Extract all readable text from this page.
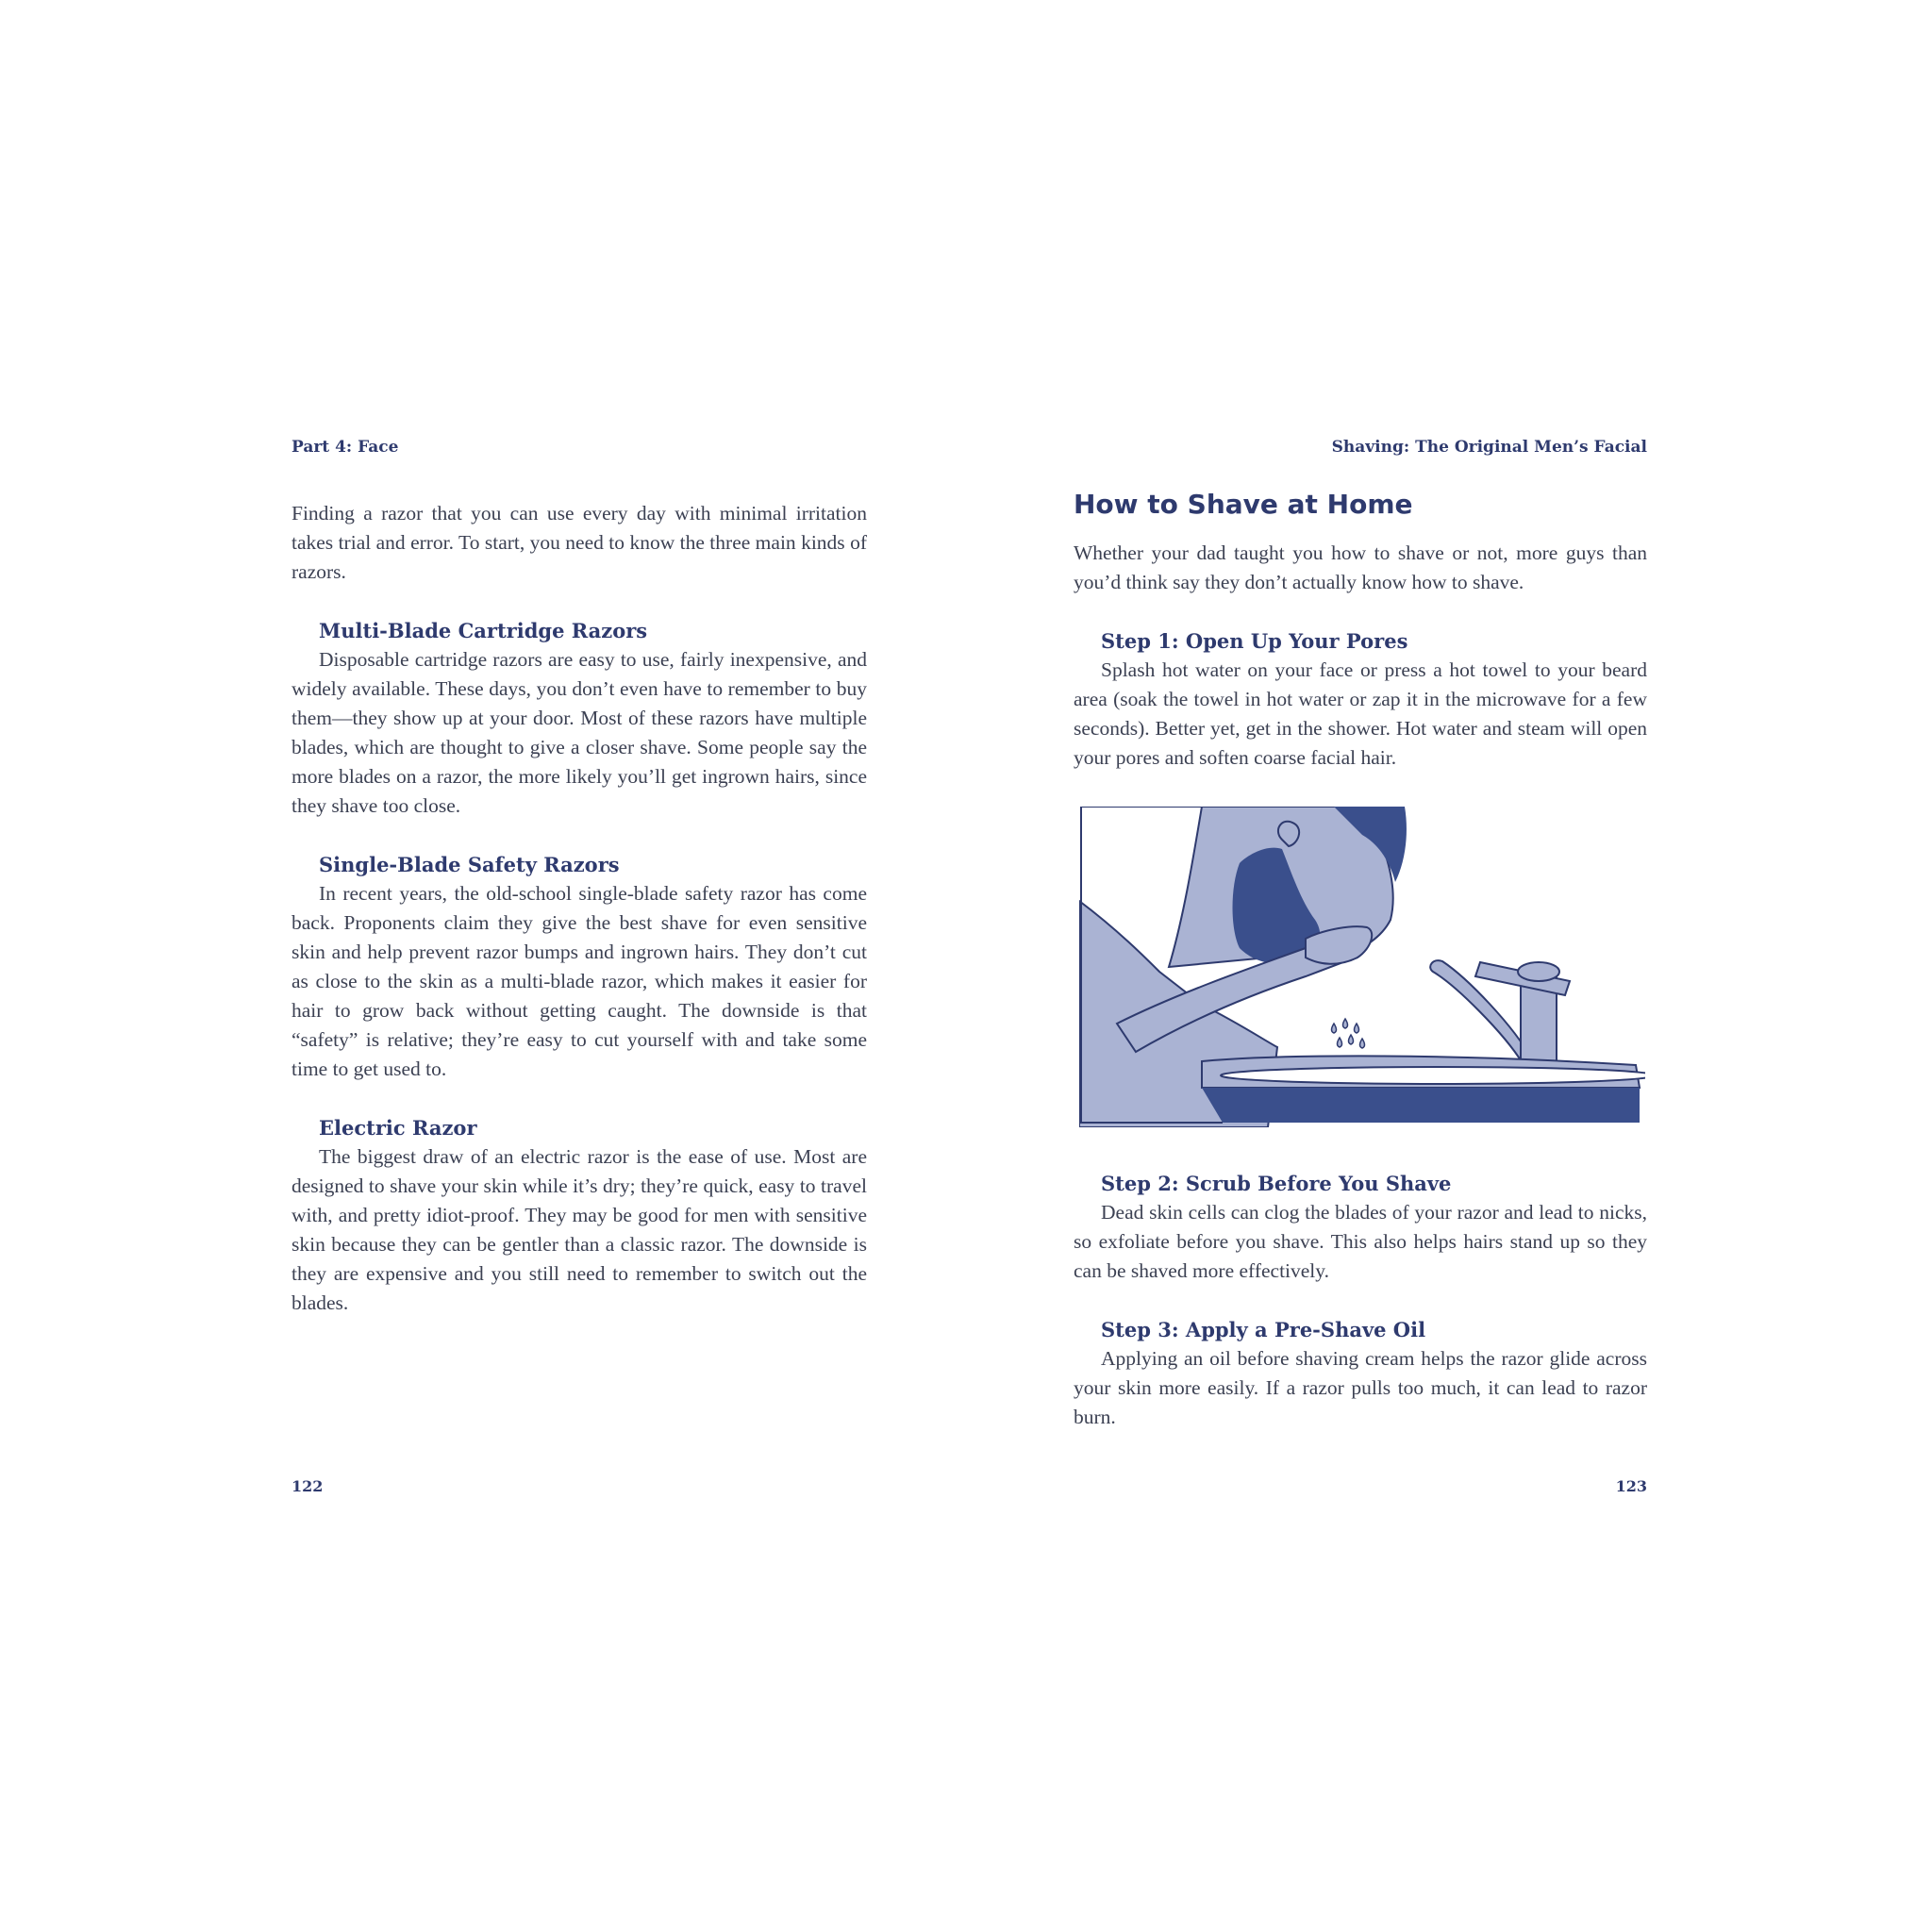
Part 4: Face

Finding a razor that you can use every day with minimal irritation takes trial and error. To start, you need to know the three main kinds of razors.

Multi-Blade Cartridge Razors

Disposable cartridge razors are easy to use, fairly inexpensive, and widely available. These days, you don’t even have to remember to buy them—they show up at your door. Most of these razors have multiple blades, which are thought to give a closer shave. Some people say the more blades on a razor, the more likely you’ll get ingrown hairs, since they shave too close.

Single-Blade Safety Razors

In recent years, the old-school single-blade safety razor has come back. Proponents claim they give the best shave for even sensitive skin and help prevent razor bumps and ingrown hairs. They don’t cut as close to the skin as a multi-blade razor, which makes it easier for hair to grow back without getting caught. The downside is that “safety” is relative; they’re easy to cut yourself with and take some time to get used to.

Electric Razor

The biggest draw of an electric razor is the ease of use. Most are designed to shave your skin while it’s dry; they’re quick, easy to travel with, and pretty idiot-proof. They may be good for men with sensitive skin because they can be gentler than a classic razor. The downside is they are expensive and you still need to remember to switch out the blades.

122
Shaving: The Original Men’s Facial
How to Shave at Home

Whether your dad taught you how to shave or not, more guys than you’d think say they don’t actually know how to shave.

Step 1: Open Up Your Pores

Splash hot water on your face or press a hot towel to your beard area (soak the towel in hot water or zap it in the microwave for a few seconds). Better yet, get in the shower. Hot water and steam will open your pores and soften coarse facial hair.

Step 2: Scrub Before You Shave

Dead skin cells can clog the blades of your razor and lead to nicks, so exfoliate before you shave. This also helps hairs stand up so they can be shaved more effectively.

Step 3: Apply a Pre-Shave Oil

Applying an oil before shaving cream helps the razor glide across your skin more easily. If a razor pulls too much, it can lead to razor burn.

123
